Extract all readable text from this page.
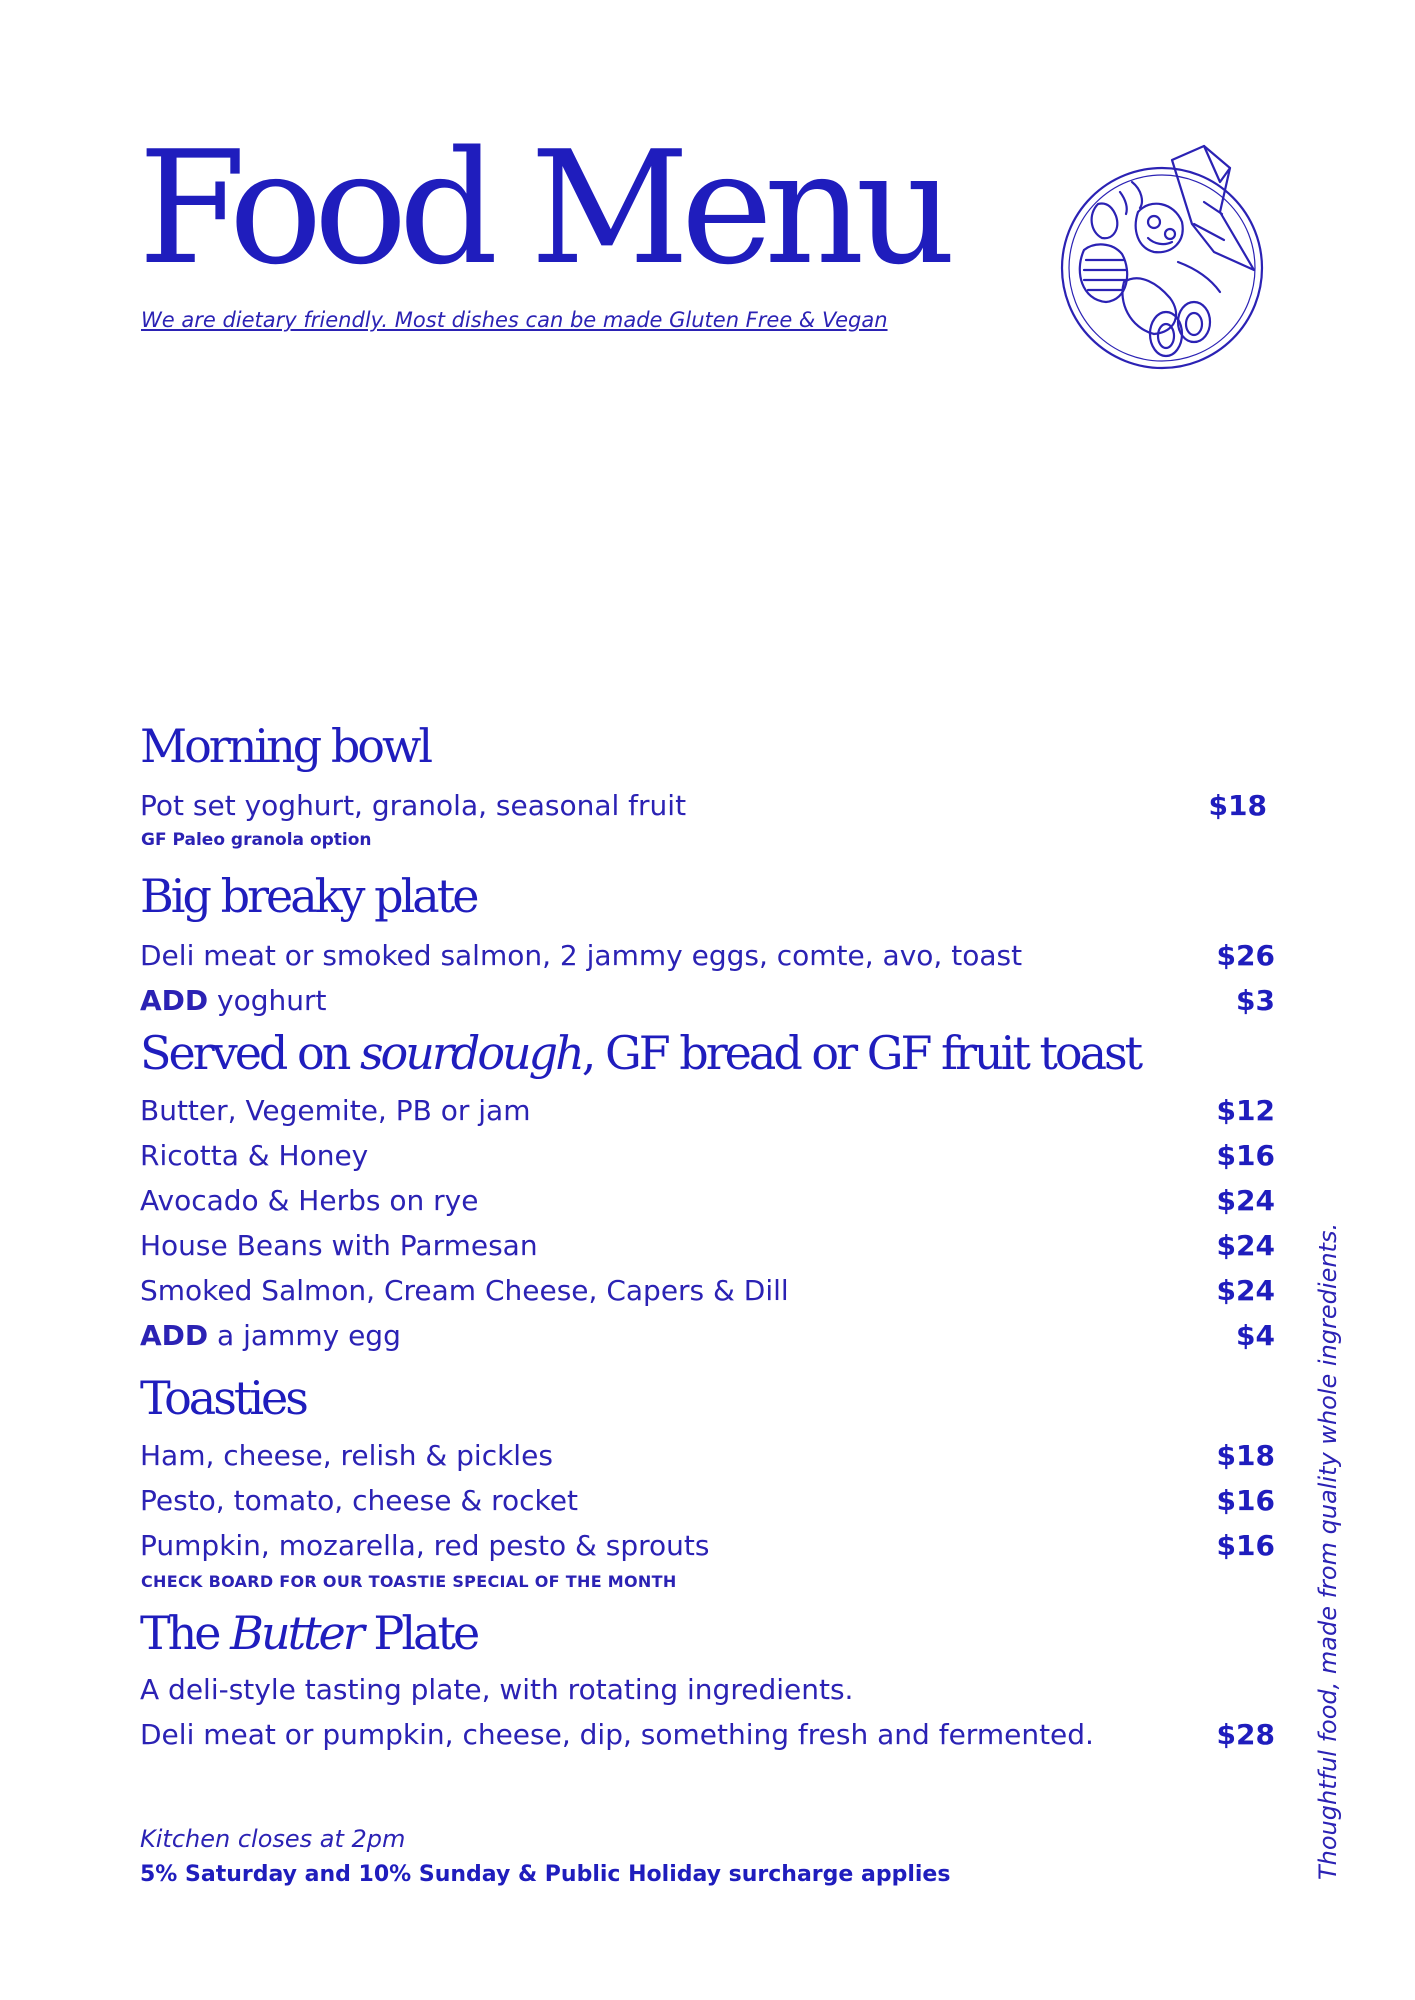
Food Menu

We are dietary friendly. Most dishes can be made Gluten Free & Vegan

Morning bowl
Pot set yoghurt, granola, seasonal fruit	$18

GF Paleo granola option

Big breaky plate
Deli meat or smoked salmon, 2 jammy eggs, comte, avo, toast	$26
ADD yoghurt	$3
Served on sourdough, GF bread or GF fruit toast
Butter, Vegemite, PB or jam	$12
Ricotta & Honey	$16
Avocado & Herbs on rye	$24
House Beans with Parmesan	$24
Smoked Salmon, Cream Cheese, Capers & Dill	$24
ADD a jammy egg	$4
Toasties
Ham, cheese, relish & pickles	$18
Pesto, tomato, cheese & rocket	$16
Pumpkin, mozarella, red pesto & sprouts	$16

CHECK BOARD FOR OUR TOASTIE SPECIAL OF THE MONTH

The Butter Plate
A deli-style tasting plate, with rotating ingredients.
Deli meat or pumpkin, cheese, dip, something fresh and fermented.	$28

Kitchen closes at 2pm

5% Saturday and 10% Sunday & Public Holiday surcharge applies	Thoughtful food, made from quality whole ingredients.
